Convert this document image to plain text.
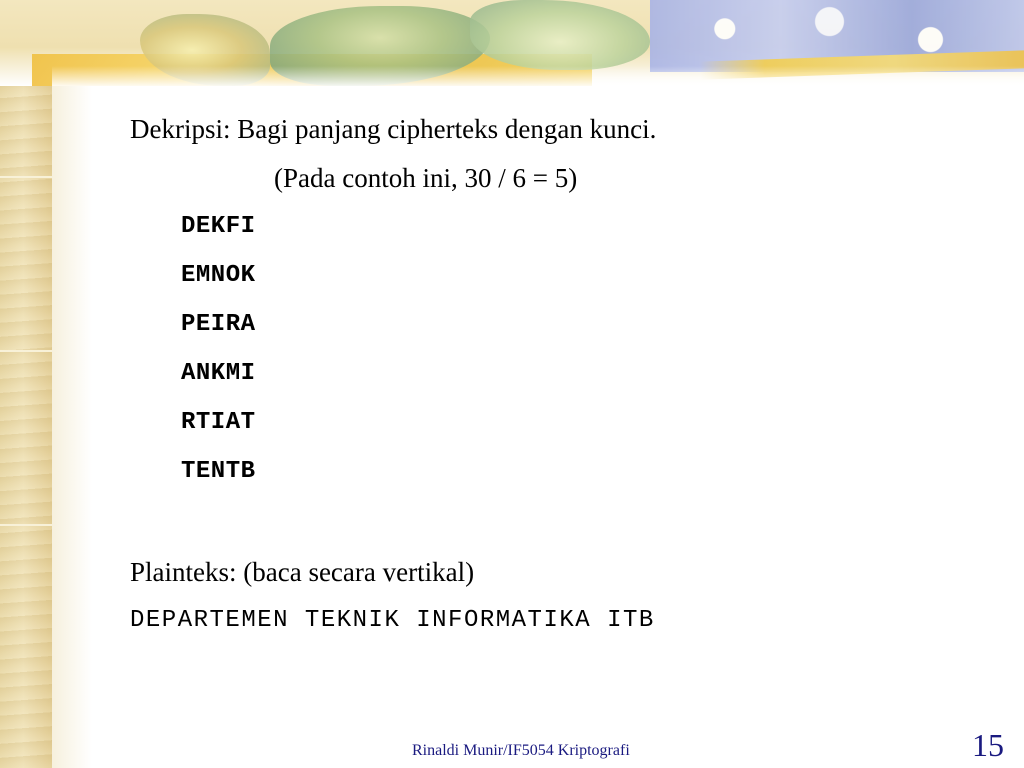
Dekripsi: Bagi panjang cipherteks dengan kunci.

(Pada contoh ini, 30 / 6 = 5)

DEKFI

EMNOK

PEIRA

ANKMI

RTIAT

TENTB

Plainteks: (baca secara vertikal)

DEPARTEMEN TEKNIK INFORMATIKA ITB

Rinaldi Munir/IF5054 Kriptografi	15
